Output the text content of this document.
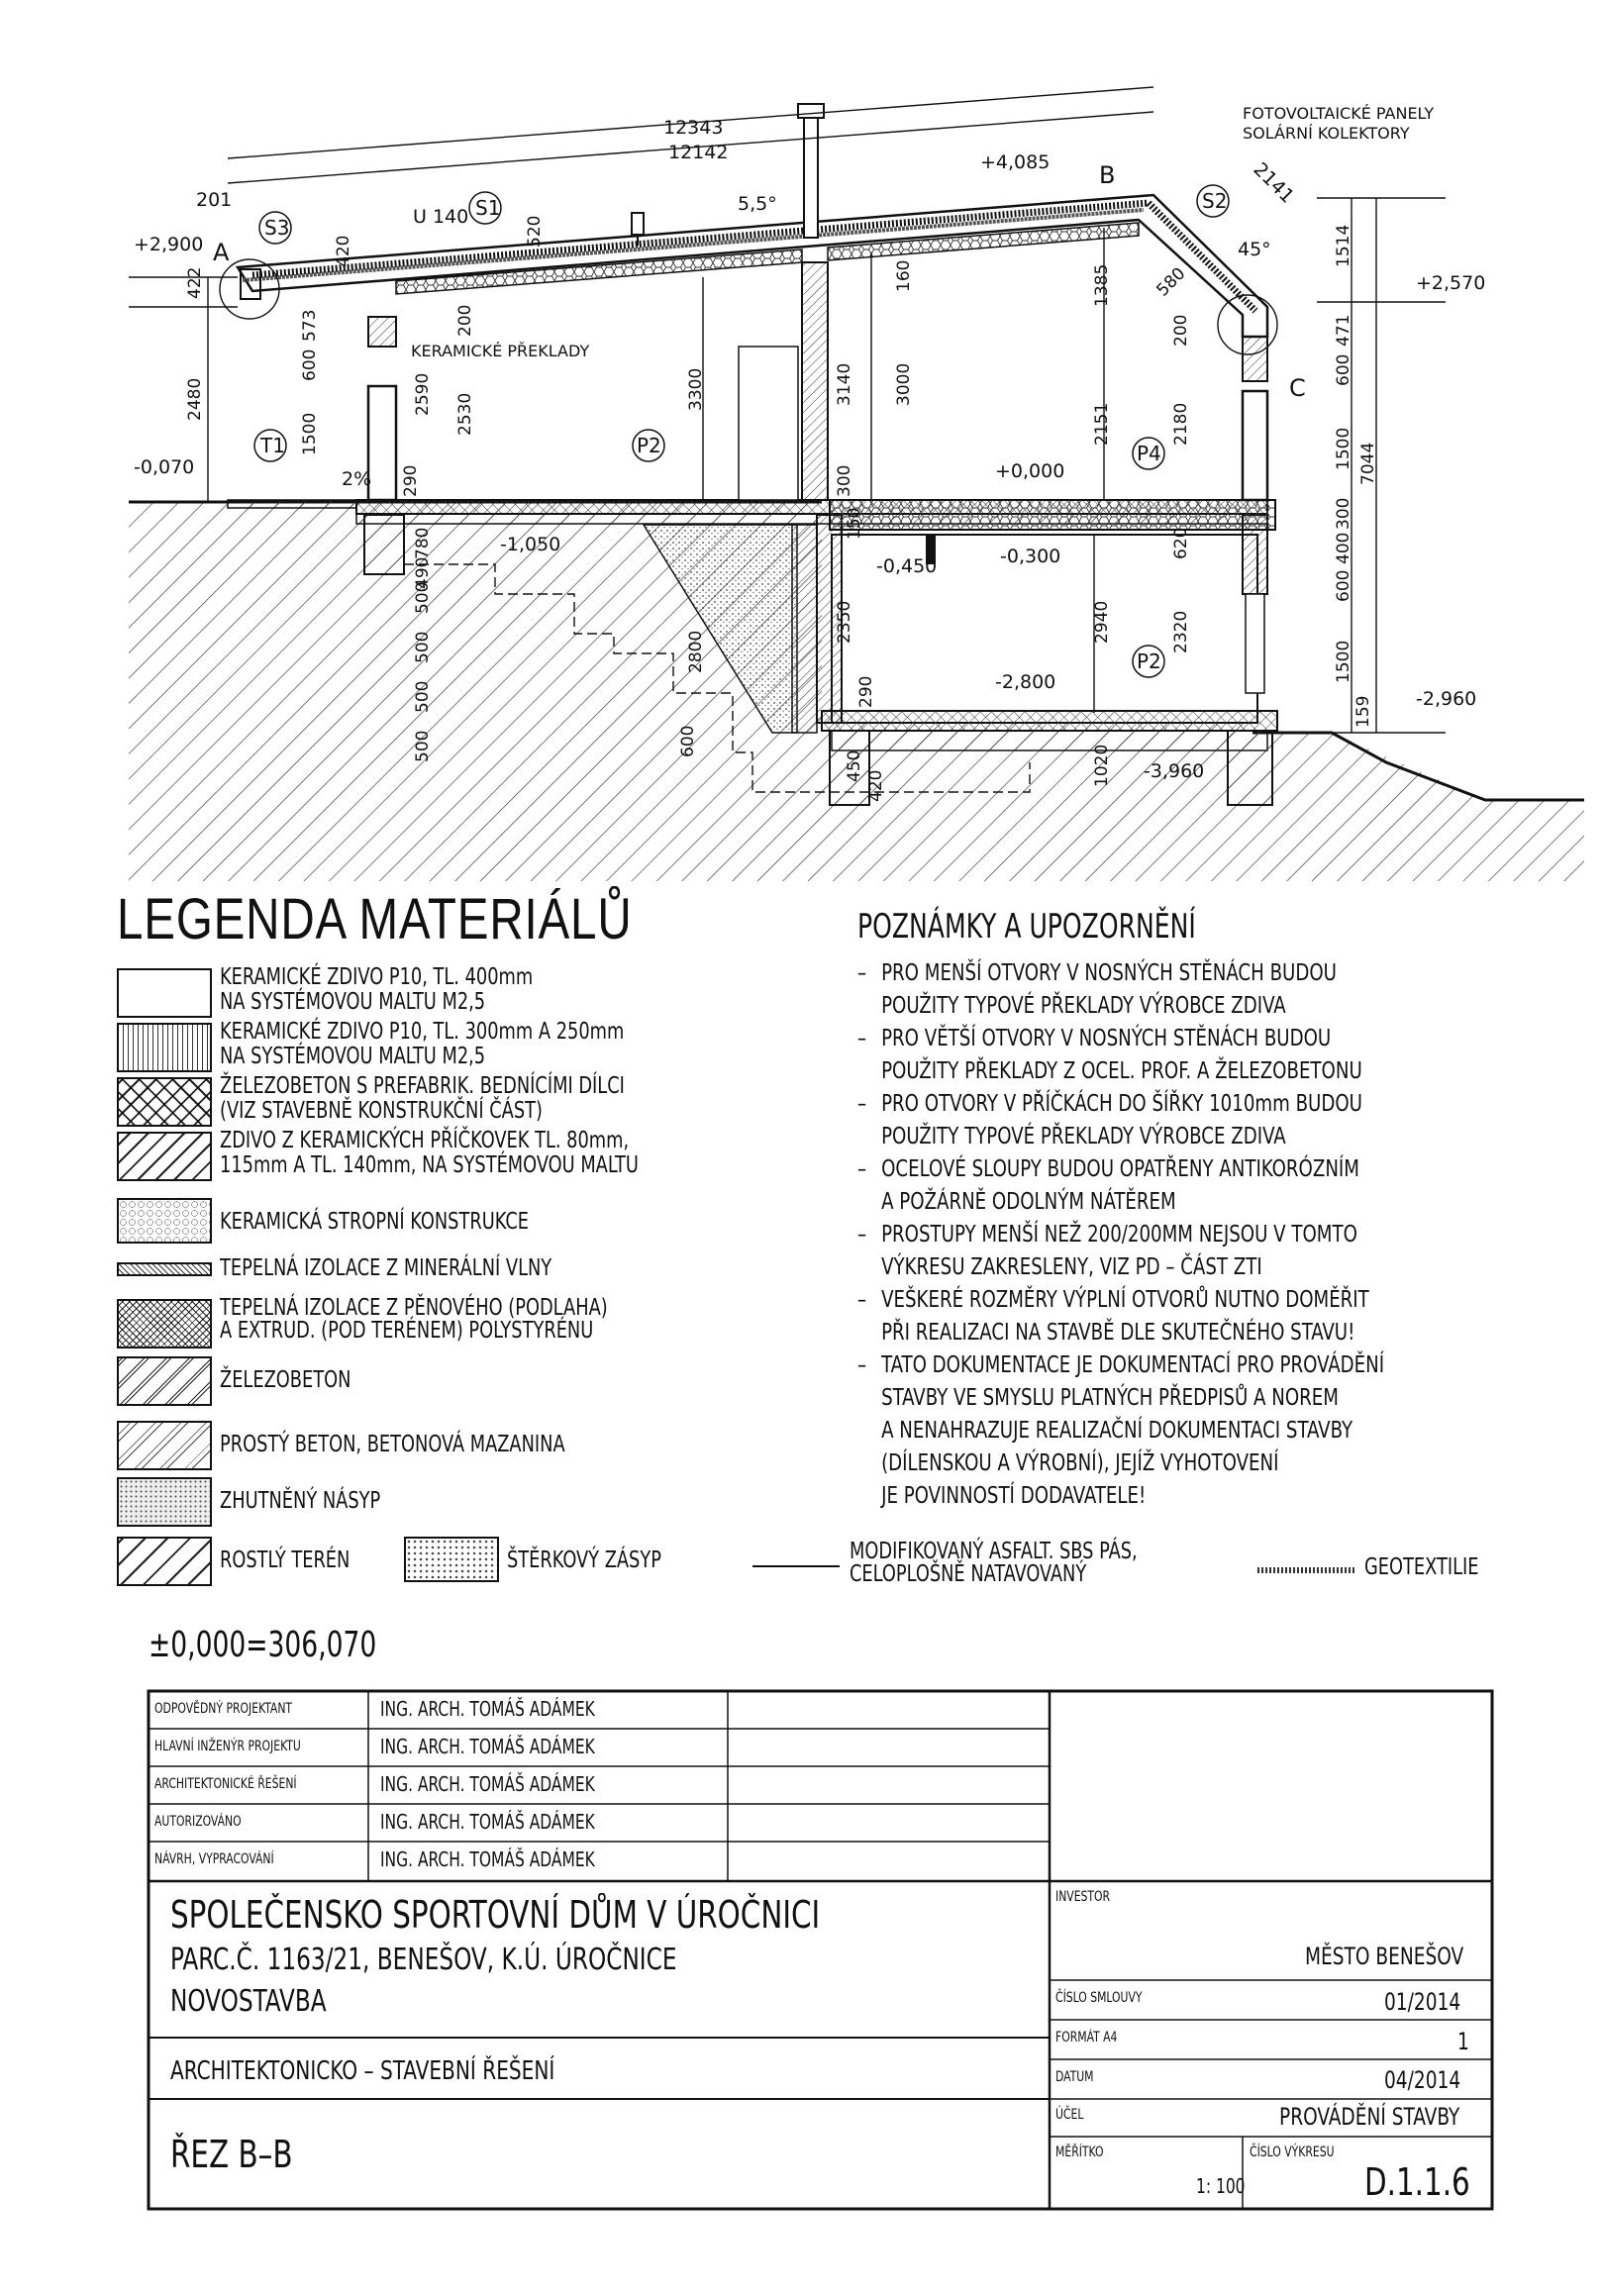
A
B
C
+2,900
-0,070
+4,085
+2,570
+0,000
-0,300
-0,450
-2,800
-3,960
-2,960
-1,050
12343
12142
201	5,5°
45°
2141
FOTOVOLTAICKÉ PANELY
SOLÁRNÍ KOLEKTORY
U 140
KERAMICKÉ PŘEKLADY
2%
S1	S2
S3
T1	P2	P4
P2
2480
422
1500
600
573
420
290
2590 2530
520
200
3300	3140 3000
150
300
160	1385 580
2151
200
2180
1514
600
471
1500 7044
300
400
600
1500
159
780
500
500
500
500
490
2800
2350
290
2940
620
2320
600
450
420	1020
LEGENDA MATERIÁLŮ
KERAMICKÉ ZDIVO P10, TL. 400mm
NA SYSTÉMOVOU MALTU M2,5
KERAMICKÉ ZDIVO P10, TL. 300mm A 250mm
NA SYSTÉMOVOU MALTU M2,5
ŽELEZOBETON S PREFABRIK. BEDNÍCÍMI DÍLCI
(VIZ STAVEBNĚ KONSTRUKČNÍ ČÁST)
ZDIVO Z KERAMICKÝCH PŘÍČKOVEK TL. 80mm,
115mm A TL. 140mm, NA SYSTÉMOVOU MALTU
KERAMICKÁ STROPNÍ KONSTRUKCE
TEPELNÁ IZOLACE Z MINERÁLNÍ VLNY
TEPELNÁ IZOLACE Z PĚNOVÉHO (PODLAHA)
A EXTRUD. (POD TERÉNEM) POLYSTYRÉNU
ŽELEZOBETON
PROSTÝ BETON, BETONOVÁ MAZANINA
ZHUTNĚNÝ NÁSYP
ROSTLÝ TERÉN	ŠTĚRKOVÝ ZÁSYP	MODIFIKOVANÝ ASFALT. SBS PÁS,
CELOPLOŠNĚ NATAVOVANÝ	GEOTEXTILIE
POZNÁMKY A UPOZORNĚNÍ
– PRO MENŠÍ OTVORY V NOSNÝCH STĚNÁCH BUDOU
POUŽITY TYPOVÉ PŘEKLADY VÝROBCE ZDIVA
– PRO VĚTŠÍ OTVORY V NOSNÝCH STĚNÁCH BUDOU
POUŽITY PŘEKLADY Z OCEL. PROF. A ŽELEZOBETONU
– PRO OTVORY V PŘÍČKÁCH DO ŠÍŘKY 1010mm BUDOU
POUŽITY TYPOVÉ PŘEKLADY VÝROBCE ZDIVA
– OCELOVÉ SLOUPY BUDOU OPATŘENY ANTIKORÓZNÍM
A POŽÁRNĚ ODOLNÝM NÁTĚREM
– PROSTUPY MENŠÍ NEŽ 200/200MM NEJSOU V TOMTO
VÝKRESU ZAKRESLENY, VIZ PD – ČÁST ZTI
– VEŠKERÉ ROZMĚRY VÝPLNÍ OTVORŮ NUTNO DOMĚŘIT
PŘI REALIZACI NA STAVBĚ DLE SKUTEČNÉHO STAVU!
– TATO DOKUMENTACE JE DOKUMENTACÍ PRO PROVÁDĚNÍ
STAVBY VE SMYSLU PLATNÝCH PŘEDPISŮ A NOREM
A NENAHRAZUJE REALIZAČNÍ DOKUMENTACI STAVBY
(DÍLENSKOU A VÝROBNÍ), JEJÍŽ VYHOTOVENÍ
JE POVINNOSTÍ DODAVATELE!
±0,000=306,070
ODPOVĚDNÝ PROJEKTANT	ING. ARCH. TOMÁŠ ADÁMEK
HLAVNÍ INŽENÝR PROJEKTU	ING. ARCH. TOMÁŠ ADÁMEK
ARCHITEKTONICKÉ ŘEŠENÍ	ING. ARCH. TOMÁŠ ADÁMEK
AUTORIZOVÁNO	ING. ARCH. TOMÁŠ ADÁMEK
NÁVRH, VYPRACOVÁNÍ	ING. ARCH. TOMÁŠ ADÁMEK
SPOLEČENSKO SPORTOVNÍ DŮM V ÚROČNICI
PARC.Č. 1163/21, BENEŠOV, K.Ú. ÚROČNICE
NOVOSTAVBA
ARCHITEKTONICKO – STAVEBNÍ ŘEŠENÍ
ŘEZ B–B
INVESTOR
MĚSTO BENEŠOV
ČÍSLO SMLOUVY	01/2014
FORMÁT A4	1
DATUM	04/2014
ÚČEL	PROVÁDĚNÍ STAVBY
MĚŘÍTKO
1: 100
ČÍSLO VÝKRESU
D.1.1.6
